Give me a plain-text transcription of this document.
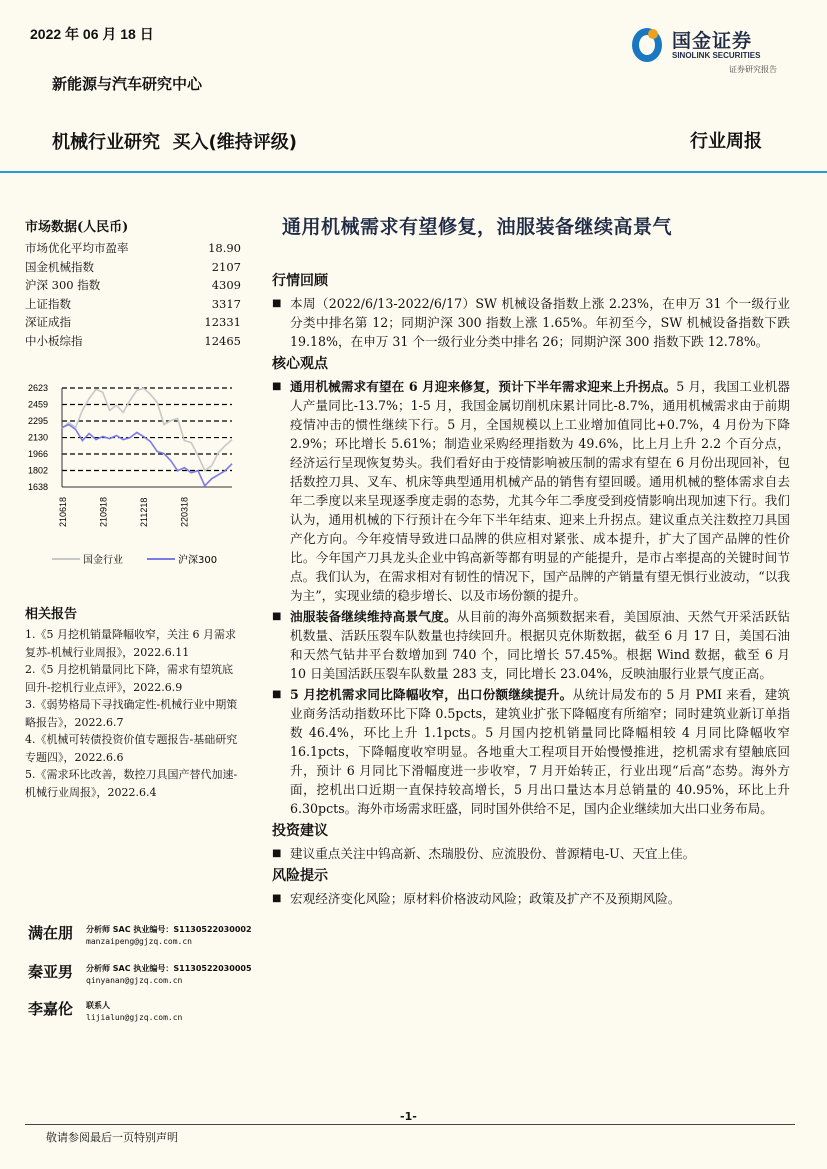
2022 年 06 月 18 日	国金证券
SINOLINK SECURITIES
证券研究报告
新能源与汽车研究中心
机械行业研究  买入(维持评级)	行业周报
市场数据(人民币)
市场优化平均市盈率	18.90
国金机械指数	2107
沪深 300 指数	4309
上证指数	3317
深证成指	12331
中小板综指	12465
2623
2459
2295
2130
1966
1802
1638
210618	210918	211218	220318
国金行业	沪深300
相关报告
1.《5 月挖机销量降幅收窄，关注 6 月需求复苏-机械行业周报》，2022.6.11
2.《5 月挖机销量同比下降，需求有望筑底回升-挖机行业点评》，2022.6.9
3.《弱势格局下寻找确定性-机械行业中期策略报告》，2022.6.7
4.《机械可转债投资价值专题报告-基础研究专题四》，2022.6.6
5.《需求环比改善，数控刀具国产替代加速-机械行业周报》，2022.6.4
满在朋 分析师 SAC 执业编号：S1130522030002
manzaipeng@gjzq.com.cn
秦亚男 分析师 SAC 执业编号：S1130522030005
qinyanan@gjzq.com.cn
李嘉伦 联系人
lijialun@gjzq.com.cn
通用机械需求有望修复，油服装备继续高景气
行情回顾
■ 本周（2022/6/13-2022/6/17）SW 机械设备指数上涨 2.23%，在申万 31 个一级行业分类中排名第 12；同期沪深 300 指数上涨 1.65%。年初至今，SW 机械设备指数下跌 19.18%，在申万 31 个一级行业分类中排名 26；同期沪深 300 指数下跌 12.78%。
核心观点
■ 通用机械需求有望在 6 月迎来修复，预计下半年需求迎来上升拐点。5 月，我国工业机器人产量同比-13.7%；1-5 月，我国金属切削机床累计同比-8.7%，通用机械需求由于前期疫情冲击的惯性继续下行。5 月，全国规模以上工业增加值同比+0.7%，4 月份为下降 2.9%；环比增长 5.61%；制造业采购经理指数为 49.6%，比上月上升 2.2 个百分点，经济运行呈现恢复势头。我们看好由于疫情影响被压制的需求有望在 6 月份出现回补，包括数控刀具、叉车、机床等典型通用机械产品的销售有望回暖。通用机械的整体需求自去年二季度以来呈现逐季度走弱的态势，尤其今年二季度受到疫情影响出现加速下行。我们认为，通用机械的下行预计在今年下半年结束、迎来上升拐点。建议重点关注数控刀具国产化方向。今年疫情导致进口品牌的供应相对紧张、成本提升，扩大了国产品牌的性价比。今年国产刀具龙头企业中钨高新等都有明显的产能提升，是市占率提高的关键时间节点。我们认为，在需求相对有韧性的情况下，国产品牌的产销量有望无惧行业波动，“以我为主”，实现业绩的稳步增长、以及市场份额的提升。
■ 油服装备继续维持高景气度。从目前的海外高频数据来看，美国原油、天然气开采活跃钻机数量、活跃压裂车队数量也持续回升。根据贝克休斯数据，截至 6 月 17 日，美国石油和天然气钻井平台数增加到 740 个，同比增长 57.45%。根据 Wind 数据，截至 6 月 10 日美国活跃压裂车队数量 283 支，同比增长 23.04%，反映油服行业景气度正高。
■ 5 月挖机需求同比降幅收窄，出口份额继续提升。从统计局发布的 5 月 PMI 来看，建筑业商务活动指数环比下降 0.5pcts，建筑业扩张下降幅度有所缩窄；同时建筑业新订单指数 46.4%，环比上升 1.1pcts。5 月国内挖机销量同比降幅相较 4 月同比降幅收窄 16.1pcts，下降幅度收窄明显。各地重大工程项目开始慢慢推进，挖机需求有望触底回升，预计 6 月同比下滑幅度进一步收窄，7 月开始转正，行业出现“后高”态势。海外方面，挖机出口近期一直保持较高增长，5 月出口量达本月总销量的 40.95%，环比上升 6.30pcts。海外市场需求旺盛，同时国外供给不足，国内企业继续加大出口业务布局。
投资建议
■ 建议重点关注中钨高新、杰瑞股份、应流股份、普源精电-U、天宜上佳。
风险提示
■ 宏观经济变化风险；原材料价格波动风险；政策及扩产不及预期风险。
-1-
敬请参阅最后一页特别声明
